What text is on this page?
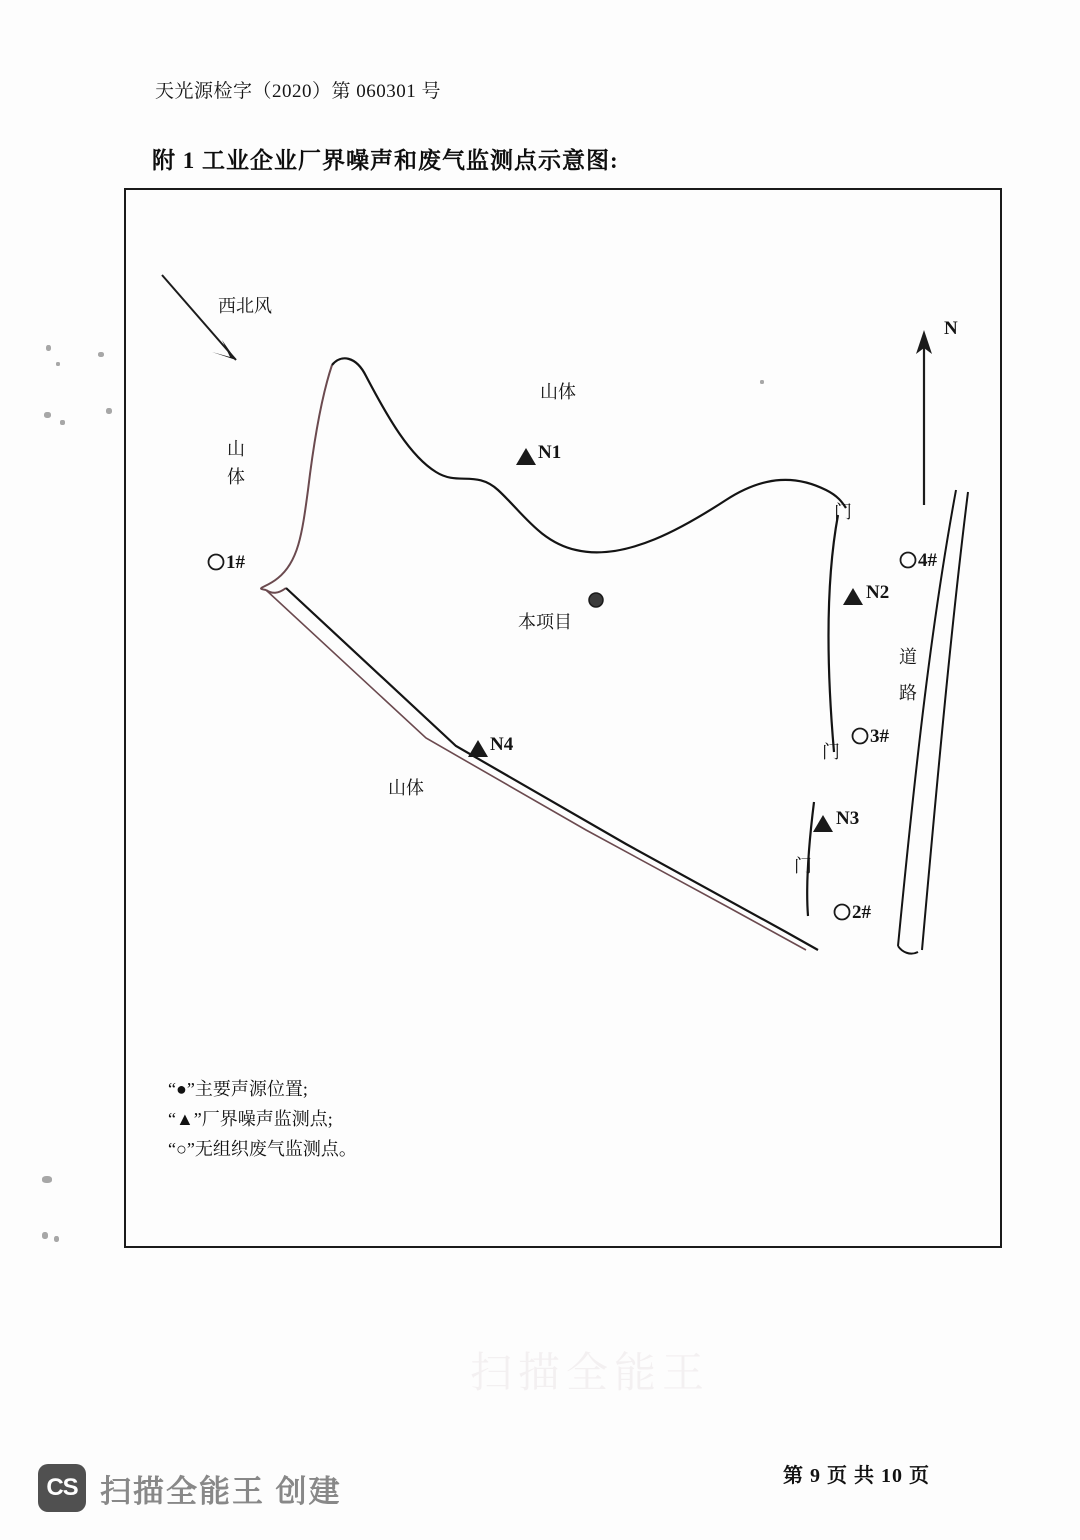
扫描全能王
天光源检字（2020）第 060301 号
附 1 工业企业厂界噪声和废气监测点示意图:
西北风
N
山体
山
体
山体
本项目
道
路
门
门
门
N1
N2
N3
N4
1#
2#
3#
4#
“●”主要声源位置;
“▲”厂界噪声监测点;
“○”无组织废气监测点。
第 9 页 共 10 页
CS 扫描全能王 创建
